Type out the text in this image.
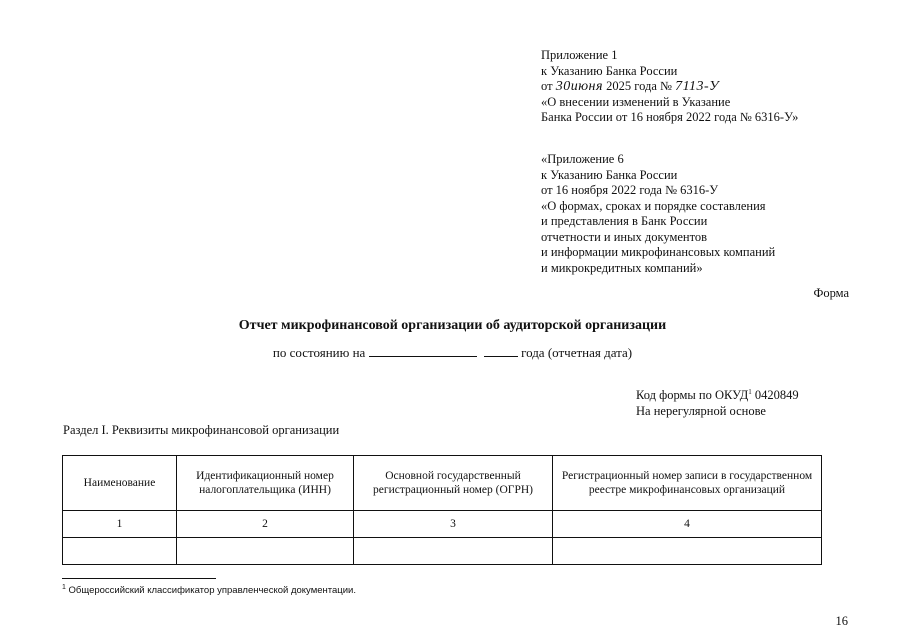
Приложение 1
к Указанию Банка России
от 30июня 2025 года № 7113-У
«О внесении изменений в Указание
Банка России от 16 ноября 2022 года № 6316-У»
«Приложение 6
к Указанию Банка России
от 16 ноября 2022 года № 6316-У
«О формах, сроках и порядке составления
и представления в Банк России
отчетности и иных документов
и информации микрофинансовых компаний
и микрокредитных компаний»
Форма
Отчет микрофинансовой организации об аудиторской организации
по состоянию на	года (отчетная дата)
Код формы по ОКУД$^1$ 0420849
На нерегулярной основе
Раздел I. Реквизиты микрофинансовой организации
Наименование	Идентификационный номер налогоплательщика (ИНН)	Основной государственный регистрационный номер (ОГРН)	Регистрационный номер записи в государственном реестре микрофинансовых организаций
1	2	3	4

$^1$ Общероссийский классификатор управленческой документации.
16
